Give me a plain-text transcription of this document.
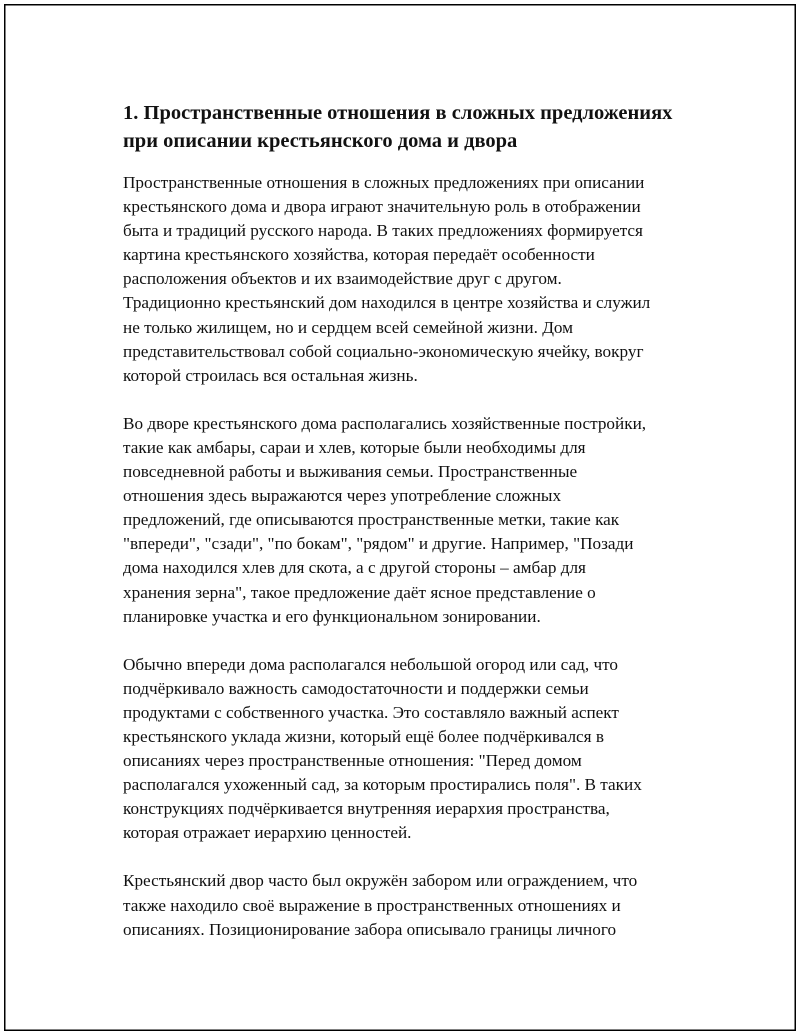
1. Пространственные отношения в сложных предложениях
при описании крестьянского дома и двора

Пространственные отношения в сложных предложениях при описании
крестьянского дома и двора играют значительную роль в отображении
быта и традиций русского народа. В таких предложениях формируется
картина крестьянского хозяйства, которая передаёт особенности
расположения объектов и их взаимодействие друг с другом.
Традиционно крестьянский дом находился в центре хозяйства и служил
не только жилищем, но и сердцем всей семейной жизни. Дом
представительствовал собой социально-экономическую ячейку, вокруг
которой строилась вся остальная жизнь.

Во дворе крестьянского дома располагались хозяйственные постройки,
такие как амбары, сараи и хлев, которые были необходимы для
повседневной работы и выживания семьи. Пространственные
отношения здесь выражаются через употребление сложных
предложений, где описываются пространственные метки, такие как
"впереди", "сзади", "по бокам", "рядом" и другие. Например, "Позади
дома находился хлев для скота, а с другой стороны – амбар для
хранения зерна", такое предложение даёт ясное представление о
планировке участка и его функциональном зонировании.

Обычно впереди дома располагался небольшой огород или сад, что
подчёркивало важность самодостаточности и поддержки семьи
продуктами с собственного участка. Это составляло важный аспект
крестьянского уклада жизни, который ещё более подчёркивался в
описаниях через пространственные отношения: "Перед домом
располагался ухоженный сад, за которым простирались поля". В таких
конструкциях подчёркивается внутренняя иерархия пространства,
которая отражает иерархию ценностей.

Крестьянский двор часто был окружён забором или ограждением, что
также находило своё выражение в пространственных отношениях и
описаниях. Позиционирование забора описывало границы личного
